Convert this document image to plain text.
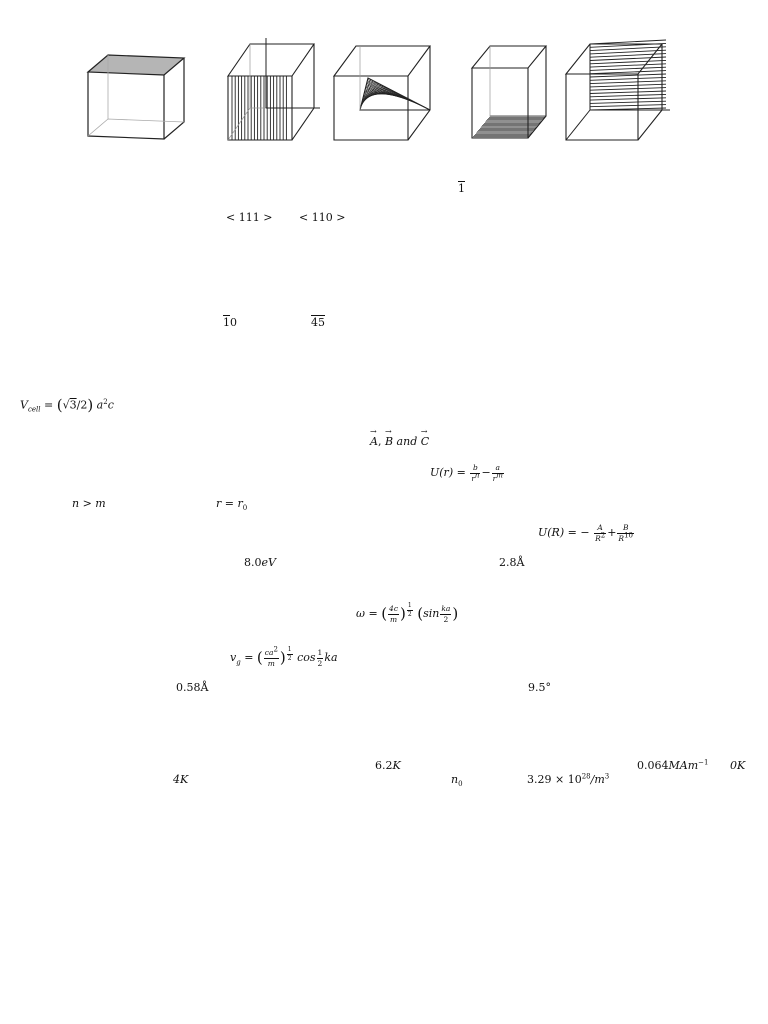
1
< 111 > < 110 >
10	45
$V_{cell} = (√3/2)$ $a^2c$
→ A, → B and → C
$U(r) = \frac{b}{r^n} - \frac{a}{r^m}$
n > m	$r = r_0$
U(R) = − $\frac{A}{R^2} + \frac{B}{R^{10}}$
8.0eV	2.8Å
ω = ( $\frac{4c}{m}$ ) $^{\frac{1}{2}}$ ($\sin \frac{ka}{2}$ )
$v_g$ = ( $\frac{ca^2}{m}$ ) $^{\frac{1}{2}}$ $\cos \frac{1}{2}$ ka
0.58Å	9.5°
6.2K	0.064MAm$^{-1}$ 0K
4K	$n_0$	$3.29 \times 10^{28}/m^3$
